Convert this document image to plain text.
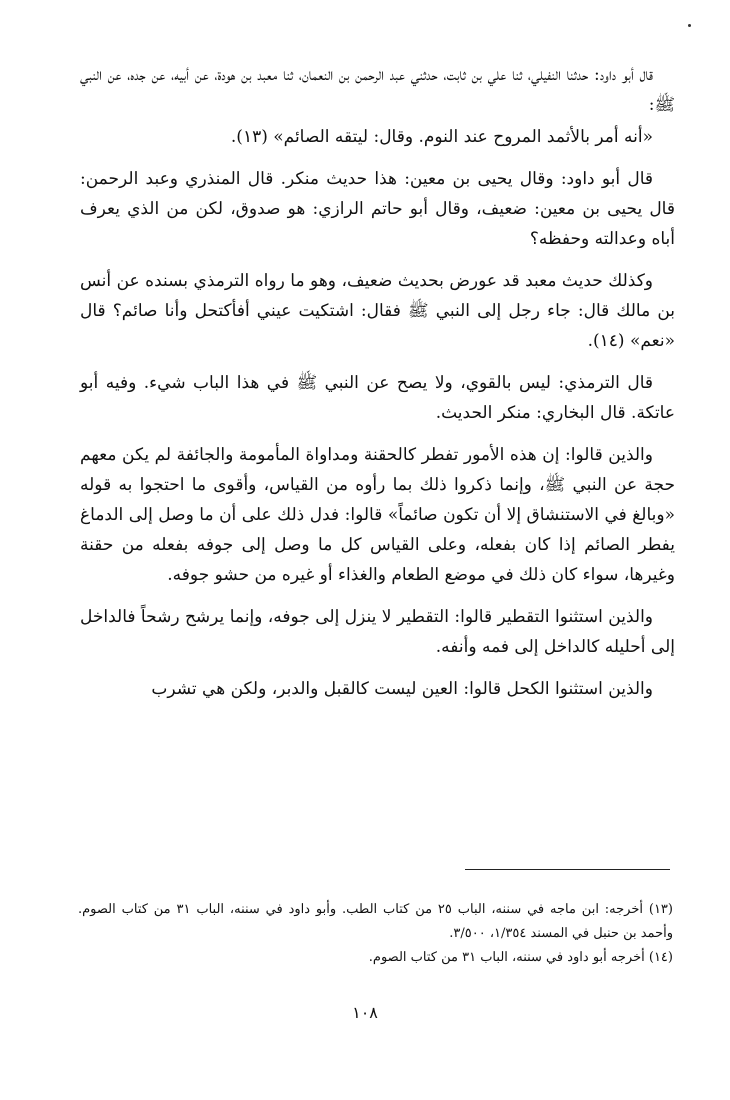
قال أبو داود: حدثنا النفيلي، ثنا علي بن ثابت، حدثني عبد الرحمن بن النعمان، ثنا معبد بن هودة، عن أبيه، عن جده، عن النبي ﷺ:

«أنه أمر بالأثمد المروح عند النوم. وقال: ليتقه الصائم» (١٣).

قال أبو داود: وقال يحيى بن معين: هذا حديث منكر. قال المنذري وعبد الرحمن: قال يحيى بن معين: ضعيف، وقال أبو حاتم الرازي: هو صدوق، لكن من الذي يعرف أباه وعدالته وحفظه؟

وكذلك حديث معبد قد عورض بحديث ضعيف، وهو ما رواه الترمذي بسنده عن أنس بن مالك قال: جاء رجل إلى النبي ﷺ فقال: اشتكيت عيني أفأكتحل وأنا صائم؟ قال «نعم» (١٤).

قال الترمذي: ليس بالقوي، ولا يصح عن النبي ﷺ في هذا الباب شيء. وفيه أبو عاتكة. قال البخاري: منكر الحديث.

والذين قالوا: إن هذه الأمور تفطر كالحقنة ومداواة المأمومة والجائفة لم يكن معهم حجة عن النبي ﷺ، وإنما ذكروا ذلك بما رأوه من القياس، وأقوى ما احتجوا به قوله «وبالغ في الاستنشاق إلا أن تكون صائماً» قالوا: فدل ذلك على أن ما وصل إلى الدماغ يفطر الصائم إذا كان بفعله، وعلى القياس كل ما وصل إلى جوفه بفعله من حقنة وغيرها، سواء كان ذلك في موضع الطعام والغذاء أو غيره من حشو جوفه.

والذين استثنوا التقطير قالوا: التقطير لا ينزل إلى جوفه، وإنما يرشح رشحاً فالداخل إلى أحليله كالداخل إلى فمه وأنفه.

والذين استثنوا الكحل قالوا: العين ليست كالقبل والدبر، ولكن هي تشرب

(١٣) أخرجه: ابن ماجه في سننه، الباب ٢٥ من كتاب الطب. وأبو داود في سننه، الباب ٣١ من كتاب الصوم. وأحمد بن حنبل في المسند ١/٣٥٤، ٣/٥٠٠.

(١٤) أخرجه أبو داود في سننه، الباب ٣١ من كتاب الصوم.

١٠٨
